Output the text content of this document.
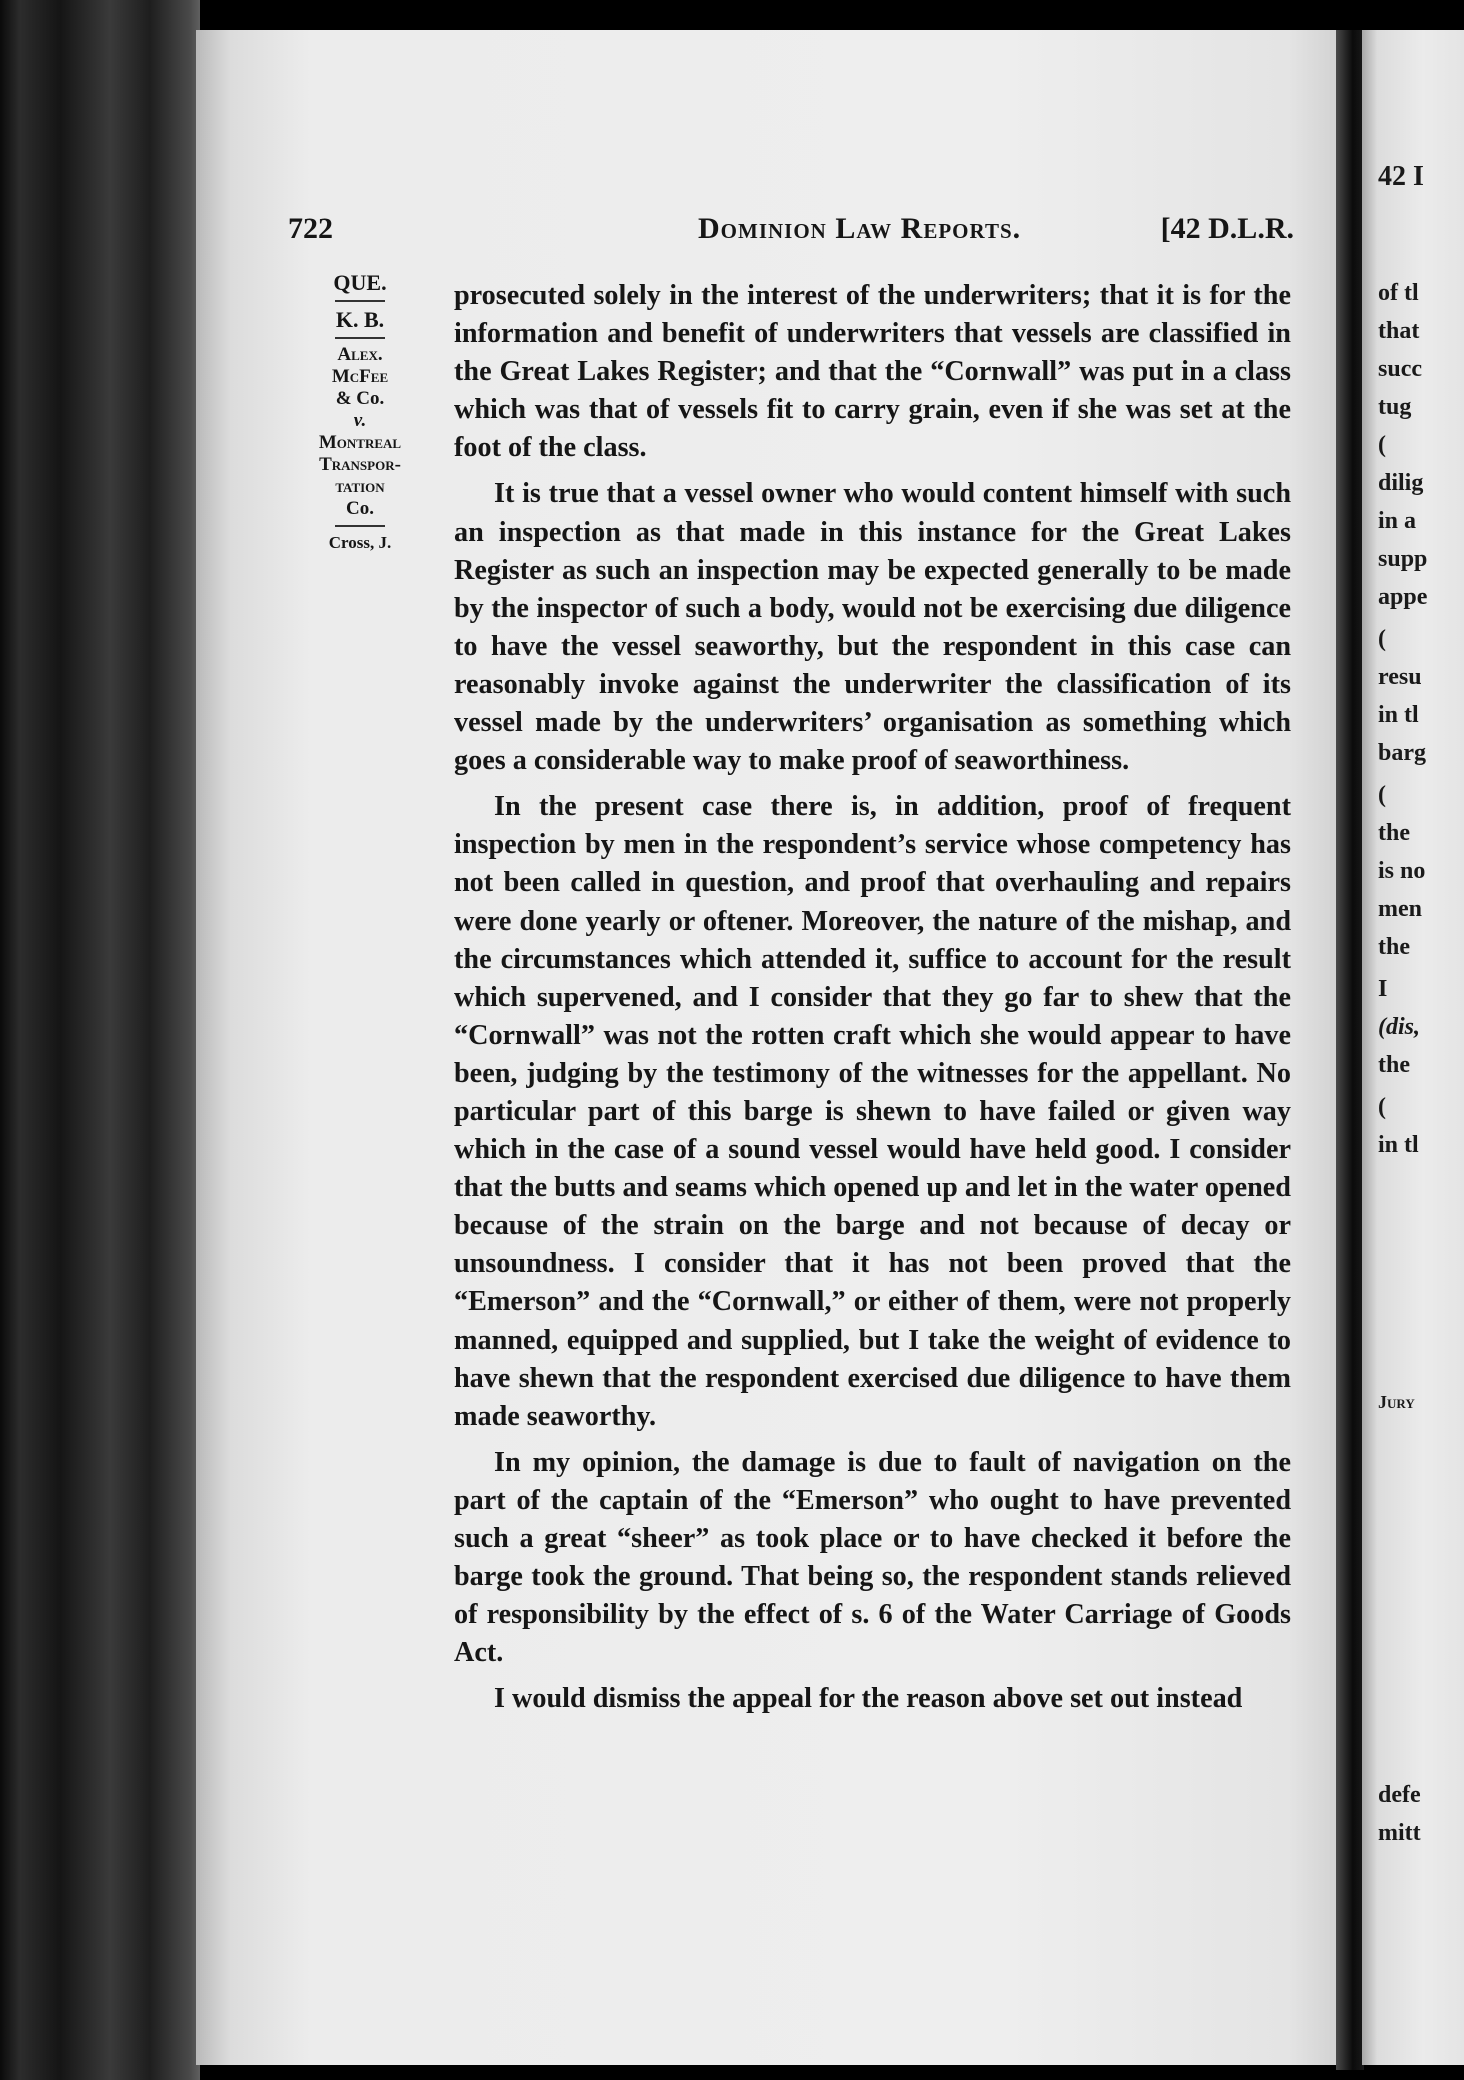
42 I
of tl
that
succ
tug
(
dilig
in a
supp
appe
(
resu
in tl
barg
(
the
is no
men
the
I
(dis,
the
(
in tl
Jury
defe
mitt
722	Dominion Law Reports.	[42 D.L.R.
QUE.
K. B.
Alex.
McFee
& Co.
v.
Montreal
Transpor-
tation
Co.
Cross, J.

prosecuted solely in the interest of the underwriters; that it is for the information and benefit of underwriters that vessels are classified in the Great Lakes Register; and that the “Cornwall” was put in a class which was that of vessels fit to carry grain, even if she was set at the foot of the class.

It is true that a vessel owner who would content himself with such an inspection as that made in this instance for the Great Lakes Register as such an inspection may be expected generally to be made by the inspector of such a body, would not be exercising due diligence to have the vessel seaworthy, but the respondent in this case can reasonably invoke against the underwriter the classification of its vessel made by the underwriters’ organisation as something which goes a considerable way to make proof of seaworthiness.

In the present case there is, in addition, proof of frequent inspection by men in the respondent’s service whose competency has not been called in question, and proof that overhauling and repairs were done yearly or oftener. Moreover, the nature of the mishap, and the circumstances which attended it, suffice to account for the result which supervened, and I consider that they go far to shew that the “Cornwall” was not the rotten craft which she would appear to have been, judging by the testimony of the witnesses for the appellant. No particular part of this barge is shewn to have failed or given way which in the case of a sound vessel would have held good. I consider that the butts and seams which opened up and let in the water opened because of the strain on the barge and not because of decay or unsoundness. I consider that it has not been proved that the “Emerson” and the “Cornwall,” or either of them, were not properly manned, equipped and supplied, but I take the weight of evidence to have shewn that the respondent exercised due diligence to have them made seaworthy.

In my opinion, the damage is due to fault of navigation on the part of the captain of the “Emerson” who ought to have prevented such a great “sheer” as took place or to have checked it before the barge took the ground. That being so, the respondent stands relieved of responsibility by the effect of s. 6 of the Water Carriage of Goods Act.

I would dismiss the appeal for the reason above set out instead
